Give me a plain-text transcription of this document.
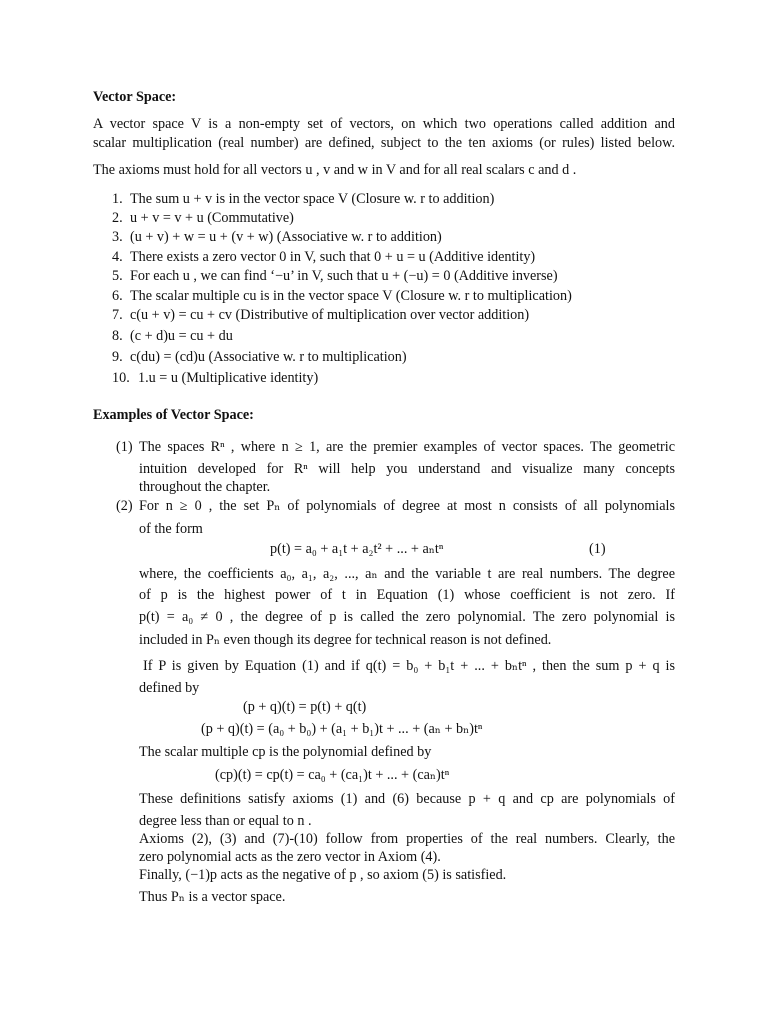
Vector Space:
A vector space V is a non-empty set of vectors, on which two operations called addition and
scalar multiplication (real number) are defined, subject to the ten axioms (or rules) listed below.
The axioms must hold for all vectors u , v and w in V and for all real scalars c and d .
1. The sum u + v is in the vector space V (Closure w. r to addition)
2. u + v = v + u (Commutative)
3. (u + v) + w = u + (v + w) (Associative w. r to addition)
4. There exists a zero vector 0 in V, such that 0 + u = u (Additive identity)
5. For each u , we can find ‘−u’ in V, such that u + (−u) = 0 (Additive inverse)
6. The scalar multiple cu is in the vector space V (Closure w. r to multiplication)
7. c(u + v) = cu + cv (Distributive of multiplication over vector addition)
8. (c + d)u = cu + du
9. c(du) = (cd)u (Associative w. r to multiplication)
10. 1.u = u (Multiplicative identity)
Examples of Vector Space:
(1) The spaces Rⁿ , where n ≥ 1, are the premier examples of vector spaces. The geometric
intuition developed for Rⁿ will help you understand and visualize many concepts
throughout the chapter.
(2) For n ≥ 0 , the set Pₙ of polynomials of degree at most n consists of all polynomials
of the form
p(t) = a₀ + a₁t + a₂t² + ... + aₙtⁿ	(1)
where, the coefficients a₀, a₁, a₂, ..., aₙ and the variable t are real numbers. The degree
of p is the highest power of t in Equation (1) whose coefficient is not zero. If
p(t) = a₀ ≠ 0 , the degree of p is called the zero polynomial. The zero polynomial is
included in Pₙ even though its degree for technical reason is not defined.
If P is given by Equation (1) and if q(t) = b₀ + b₁t + ... + bₙtⁿ , then the sum p + q is
defined by
(p + q)(t) = p(t) + q(t)
(p + q)(t) = (a₀ + b₀) + (a₁ + b₁)t + ... + (aₙ + bₙ)tⁿ
The scalar multiple cp is the polynomial defined by
(cp)(t) = cp(t) = ca₀ + (ca₁)t + ... + (caₙ)tⁿ
These definitions satisfy axioms (1) and (6) because p + q and cp are polynomials of
degree less than or equal to n .
Axioms (2), (3) and (7)-(10) follow from properties of the real numbers. Clearly, the
zero polynomial acts as the zero vector in Axiom (4).
Finally, (−1)p acts as the negative of p , so axiom (5) is satisfied.
Thus Pₙ is a vector space.
